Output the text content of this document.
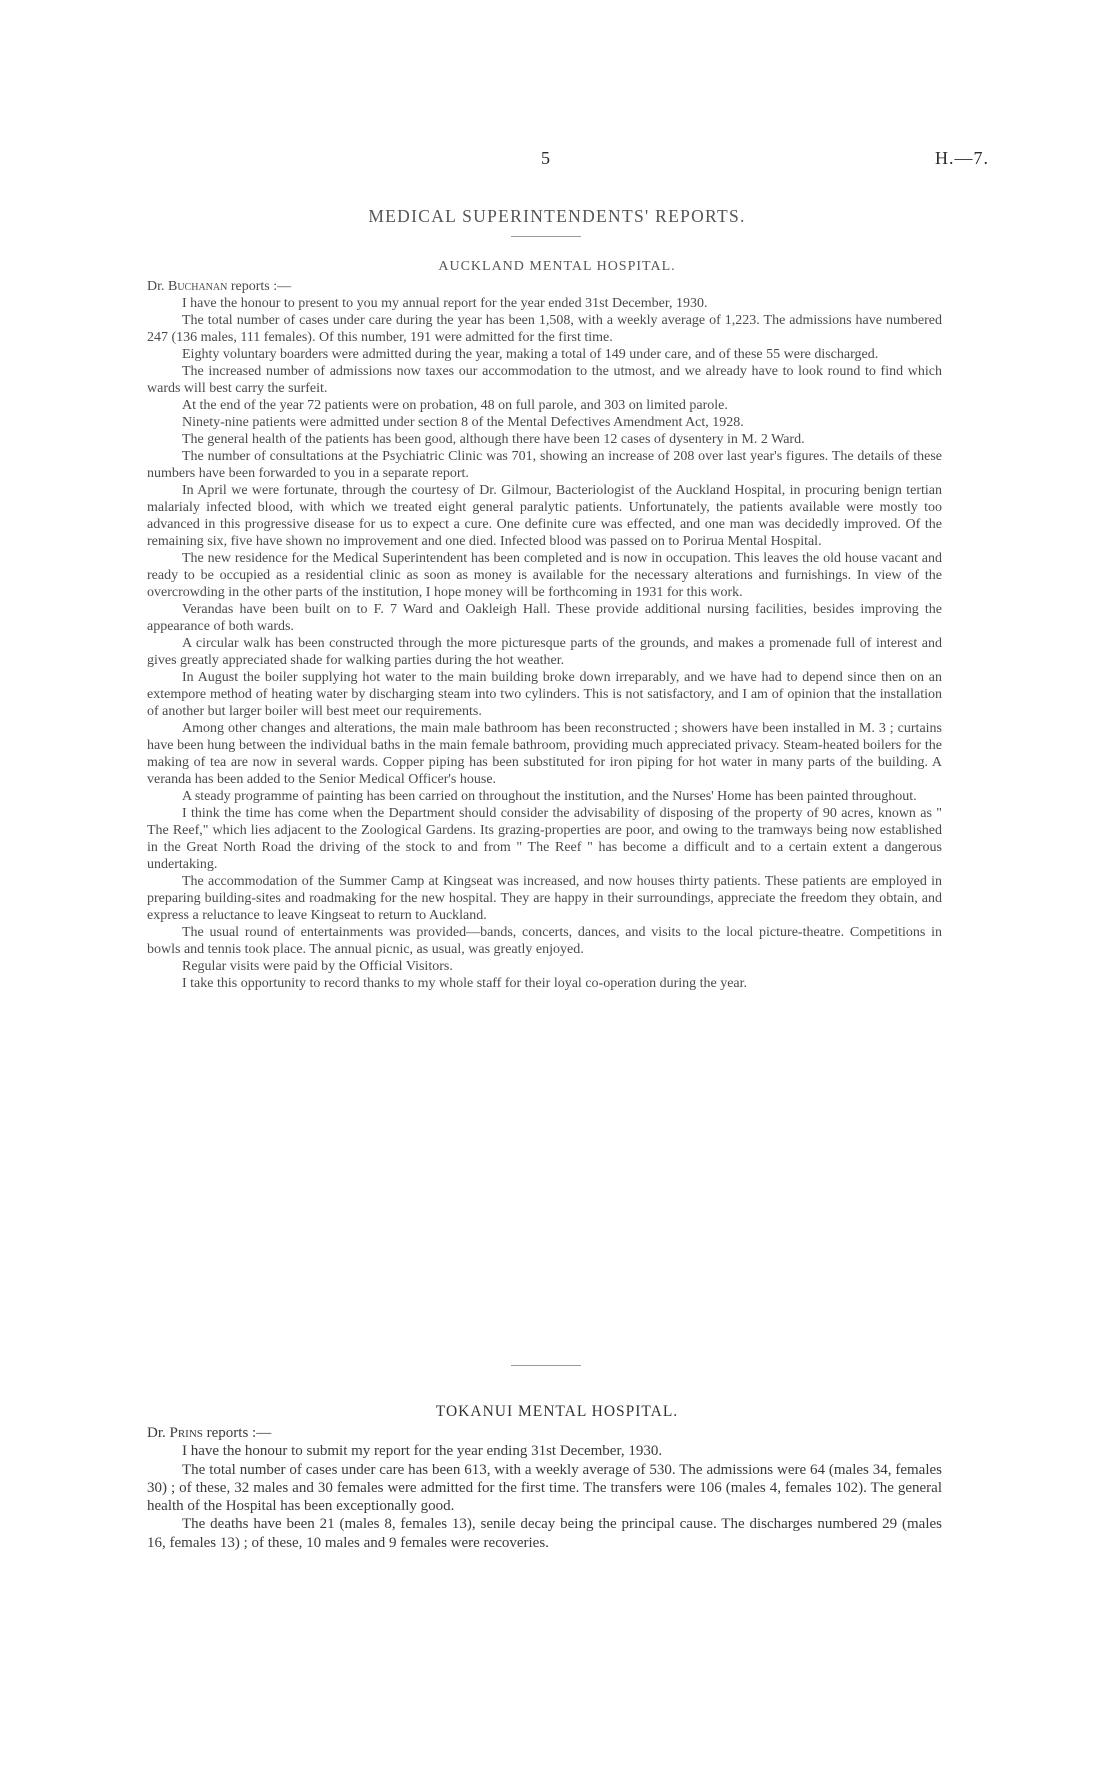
5	H.—7.
MEDICAL SUPERINTENDENTS' REPORTS.
AUCKLAND MENTAL HOSPITAL.

Dr. Buchanan reports :—

I have the honour to present to you my annual report for the year ended 31st December, 1930.

The total number of cases under care during the year has been 1,508, with a weekly average of 1,223. The admissions have numbered 247 (136 males, 111 females). Of this number, 191 were admitted for the first time.

Eighty voluntary boarders were admitted during the year, making a total of 149 under care, and of these 55 were discharged.

The increased number of admissions now taxes our accommodation to the utmost, and we already have to look round to find which wards will best carry the surfeit.

At the end of the year 72 patients were on probation, 48 on full parole, and 303 on limited parole.

Ninety-nine patients were admitted under section 8 of the Mental Defectives Amendment Act, 1928.

The general health of the patients has been good, although there have been 12 cases of dysentery in M. 2 Ward.

The number of consultations at the Psychiatric Clinic was 701, showing an increase of 208 over last year's figures. The details of these numbers have been forwarded to you in a separate report.

In April we were fortunate, through the courtesy of Dr. Gilmour, Bacteriologist of the Auckland Hospital, in procuring benign tertian malarialy infected blood, with which we treated eight general paralytic patients. Unfortunately, the patients available were mostly too advanced in this progressive disease for us to expect a cure. One definite cure was effected, and one man was decidedly improved. Of the remaining six, five have shown no improvement and one died. Infected blood was passed on to Porirua Mental Hospital.

The new residence for the Medical Superintendent has been completed and is now in occupation. This leaves the old house vacant and ready to be occupied as a residential clinic as soon as money is available for the necessary alterations and furnishings. In view of the overcrowding in the other parts of the institution, I hope money will be forthcoming in 1931 for this work.

Verandas have been built on to F. 7 Ward and Oakleigh Hall. These provide additional nursing facilities, besides improving the appearance of both wards.

A circular walk has been constructed through the more picturesque parts of the grounds, and makes a promenade full of interest and gives greatly appreciated shade for walking parties during the hot weather.

In August the boiler supplying hot water to the main building broke down irreparably, and we have had to depend since then on an extempore method of heating water by discharging steam into two cylinders. This is not satisfactory, and I am of opinion that the installation of another but larger boiler will best meet our requirements.

Among other changes and alterations, the main male bathroom has been reconstructed ; showers have been installed in M. 3 ; curtains have been hung between the individual baths in the main female bathroom, providing much appreciated privacy. Steam-heated boilers for the making of tea are now in several wards. Copper piping has been substituted for iron piping for hot water in many parts of the building. A veranda has been added to the Senior Medical Officer's house.

A steady programme of painting has been carried on throughout the institution, and the Nurses' Home has been painted throughout.

I think the time has come when the Department should consider the advisability of disposing of the property of 90 acres, known as " The Reef," which lies adjacent to the Zoological Gardens. Its grazing-properties are poor, and owing to the tramways being now established in the Great North Road the driving of the stock to and from " The Reef " has become a difficult and to a certain extent a dangerous undertaking.

The accommodation of the Summer Camp at Kingseat was increased, and now houses thirty patients. These patients are employed in preparing building-sites and roadmaking for the new hospital. They are happy in their surroundings, appreciate the freedom they obtain, and express a reluctance to leave Kingseat to return to Auckland.

The usual round of entertainments was provided—bands, concerts, dances, and visits to the local picture-theatre. Competitions in bowls and tennis took place. The annual picnic, as usual, was greatly enjoyed.

Regular visits were paid by the Official Visitors.

I take this opportunity to record thanks to my whole staff for their loyal co-operation during the year.

TOKANUI MENTAL HOSPITAL.

Dr. Prins reports :—

I have the honour to submit my report for the year ending 31st December, 1930.

The total number of cases under care has been 613, with a weekly average of 530. The admissions were 64 (males 34, females 30) ; of these, 32 males and 30 females were admitted for the first time. The transfers were 106 (males 4, females 102). The general health of the Hospital has been exceptionally good.

The deaths have been 21 (males 8, females 13), senile decay being the principal cause. The discharges numbered 29 (males 16, females 13) ; of these, 10 males and 9 females were recoveries.
